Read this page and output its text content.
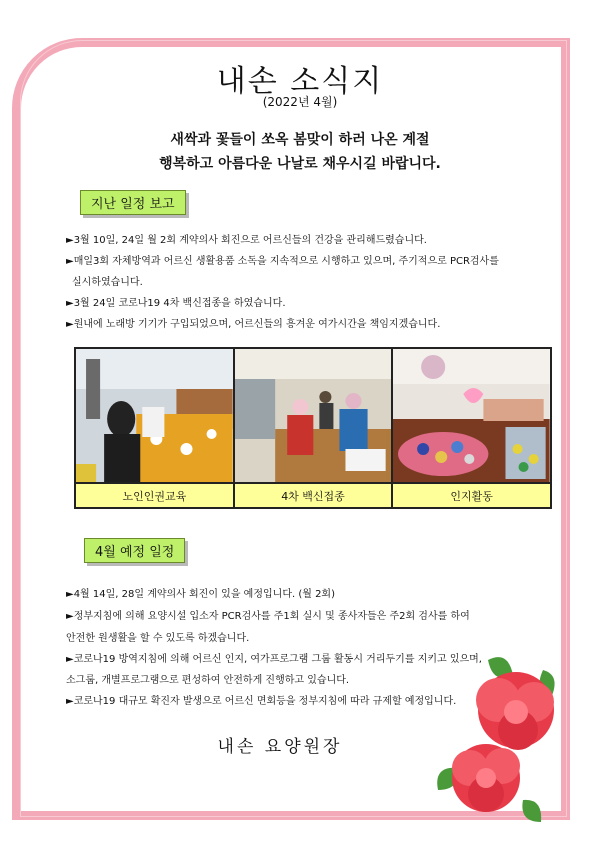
내손 소식지
(2022년 4월)
새싹과 꽃들이 쏘옥 봄맞이 하러 나온 계절
행복하고 아름다운 나날로 채우시길 바랍니다.
지난 일정 보고
►3월 10일, 24일 월 2회 계약의사 회진으로 어르신들의 건강을 관리해드렸습니다.
►매일3회 자체방역과 어르신 생활용품 소독을 지속적으로 시행하고 있으며, 주기적으로 PCR검사를
실시하였습니다.
►3월 24일 코로나19 4차 백신접종을 하였습니다.
►원내에 노래방 기기가 구입되었으며, 어르신들의 흥겨운 여가시간을 책임지겠습니다.
노인인권교육	4차 백신접종	인지활동
4월 예정 일정
►4월 14일, 28일 계약의사 회진이 있을 예정입니다. (월 2회)
►정부지침에 의해 요양시설 입소자 PCR검사를 주1회 실시 및 종사자들은 주2회 검사를 하여
안전한 원생활을 할 수 있도록 하겠습니다.
►코로나19 방역지침에 의해 어르신 인지, 여가프로그램 그룹 활동시 거리두기를 지키고 있으며,
소그룹, 개별프로그램으로 편성하여 안전하게 진행하고 있습니다.
►코로나19 대규모 확진자 발생으로 어르신 면회등을 정부지침에 따라 규제할 예정입니다.
내손 요양원장
